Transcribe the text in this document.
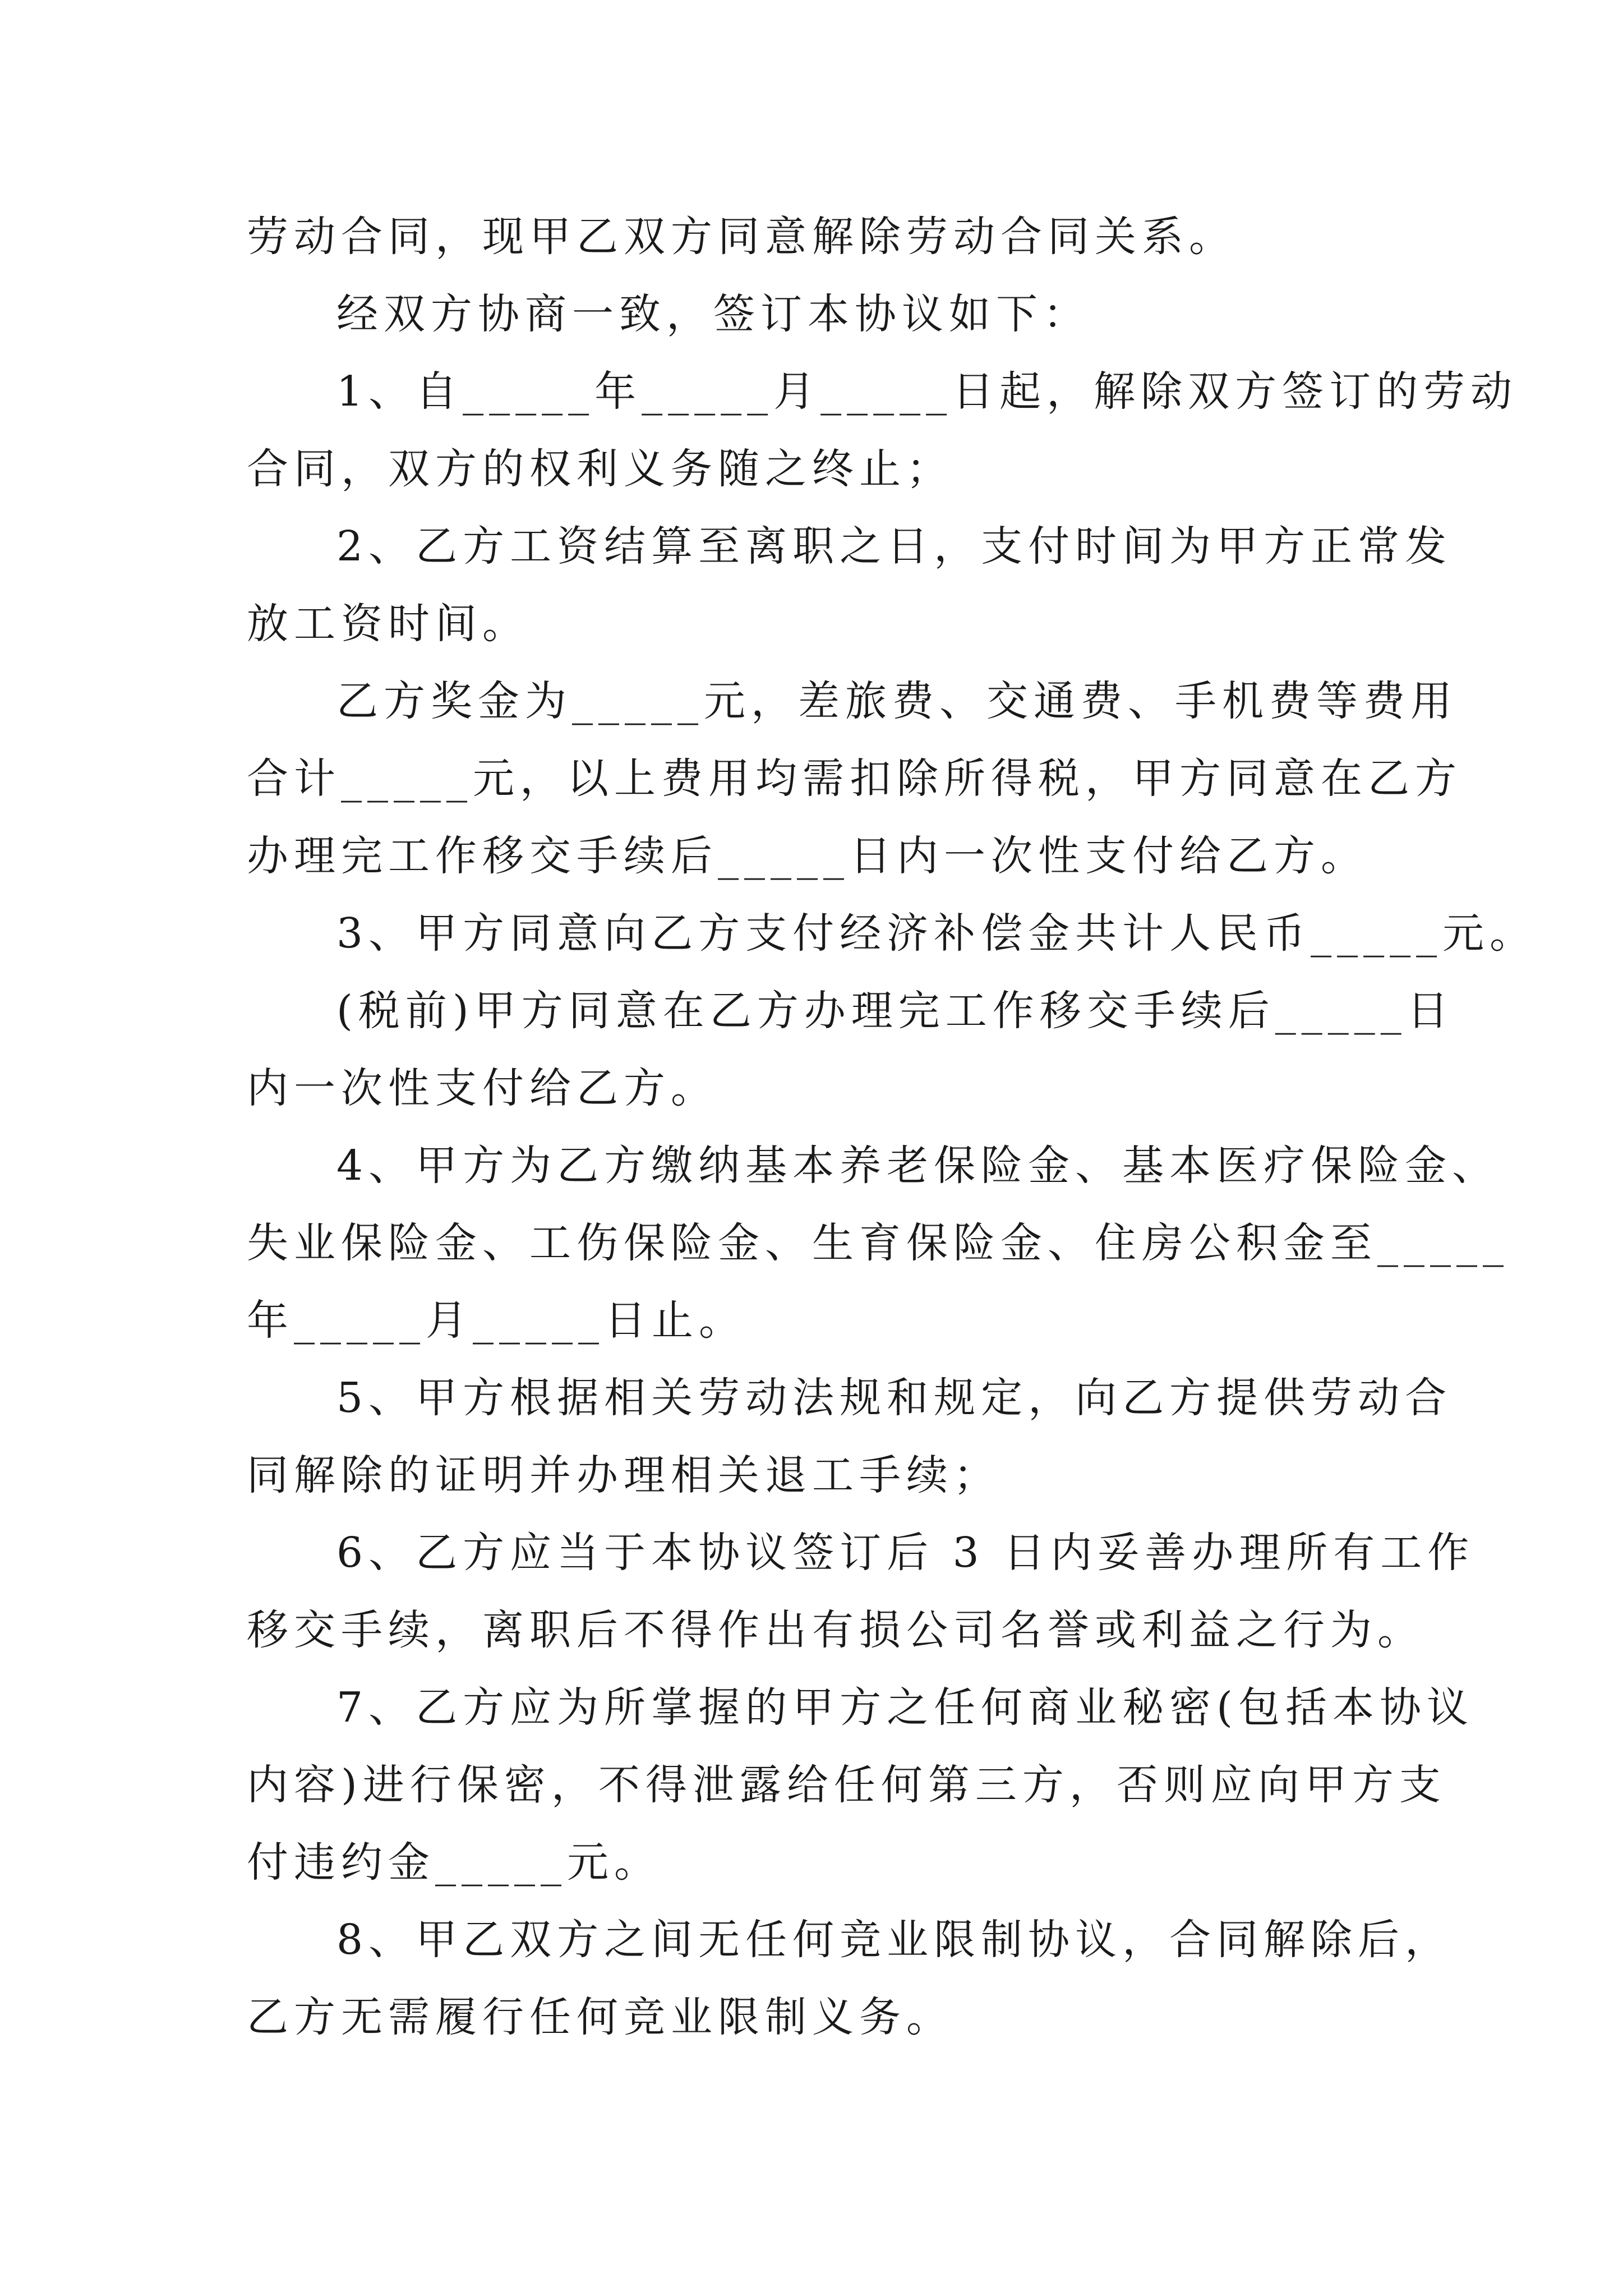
劳动合同，现甲乙双方同意解除劳动合同关系。
经双方协商一致，签订本协议如下：
1、自_____年_____月_____日起，解除双方签订的劳动
合同，双方的权利义务随之终止；
2、乙方工资结算至离职之日，支付时间为甲方正常发
放工资时间。
乙方奖金为_____元，差旅费、交通费、手机费等费用
合计_____元，以上费用均需扣除所得税，甲方同意在乙方
办理完工作移交手续后_____日内一次性支付给乙方。
3、甲方同意向乙方支付经济补偿金共计人民币_____元。
(税前)甲方同意在乙方办理完工作移交手续后_____日
内一次性支付给乙方。
4、甲方为乙方缴纳基本养老保险金、基本医疗保险金、
失业保险金、工伤保险金、生育保险金、住房公积金至_____
年_____月_____日止。
5、甲方根据相关劳动法规和规定，向乙方提供劳动合
同解除的证明并办理相关退工手续；
6、乙方应当于本协议签订后 3 日内妥善办理所有工作
移交手续，离职后不得作出有损公司名誉或利益之行为。
7、乙方应为所掌握的甲方之任何商业秘密(包括本协议
内容)进行保密，不得泄露给任何第三方，否则应向甲方支
付违约金_____元。
8、甲乙双方之间无任何竞业限制协议，合同解除后，
乙方无需履行任何竞业限制义务。
